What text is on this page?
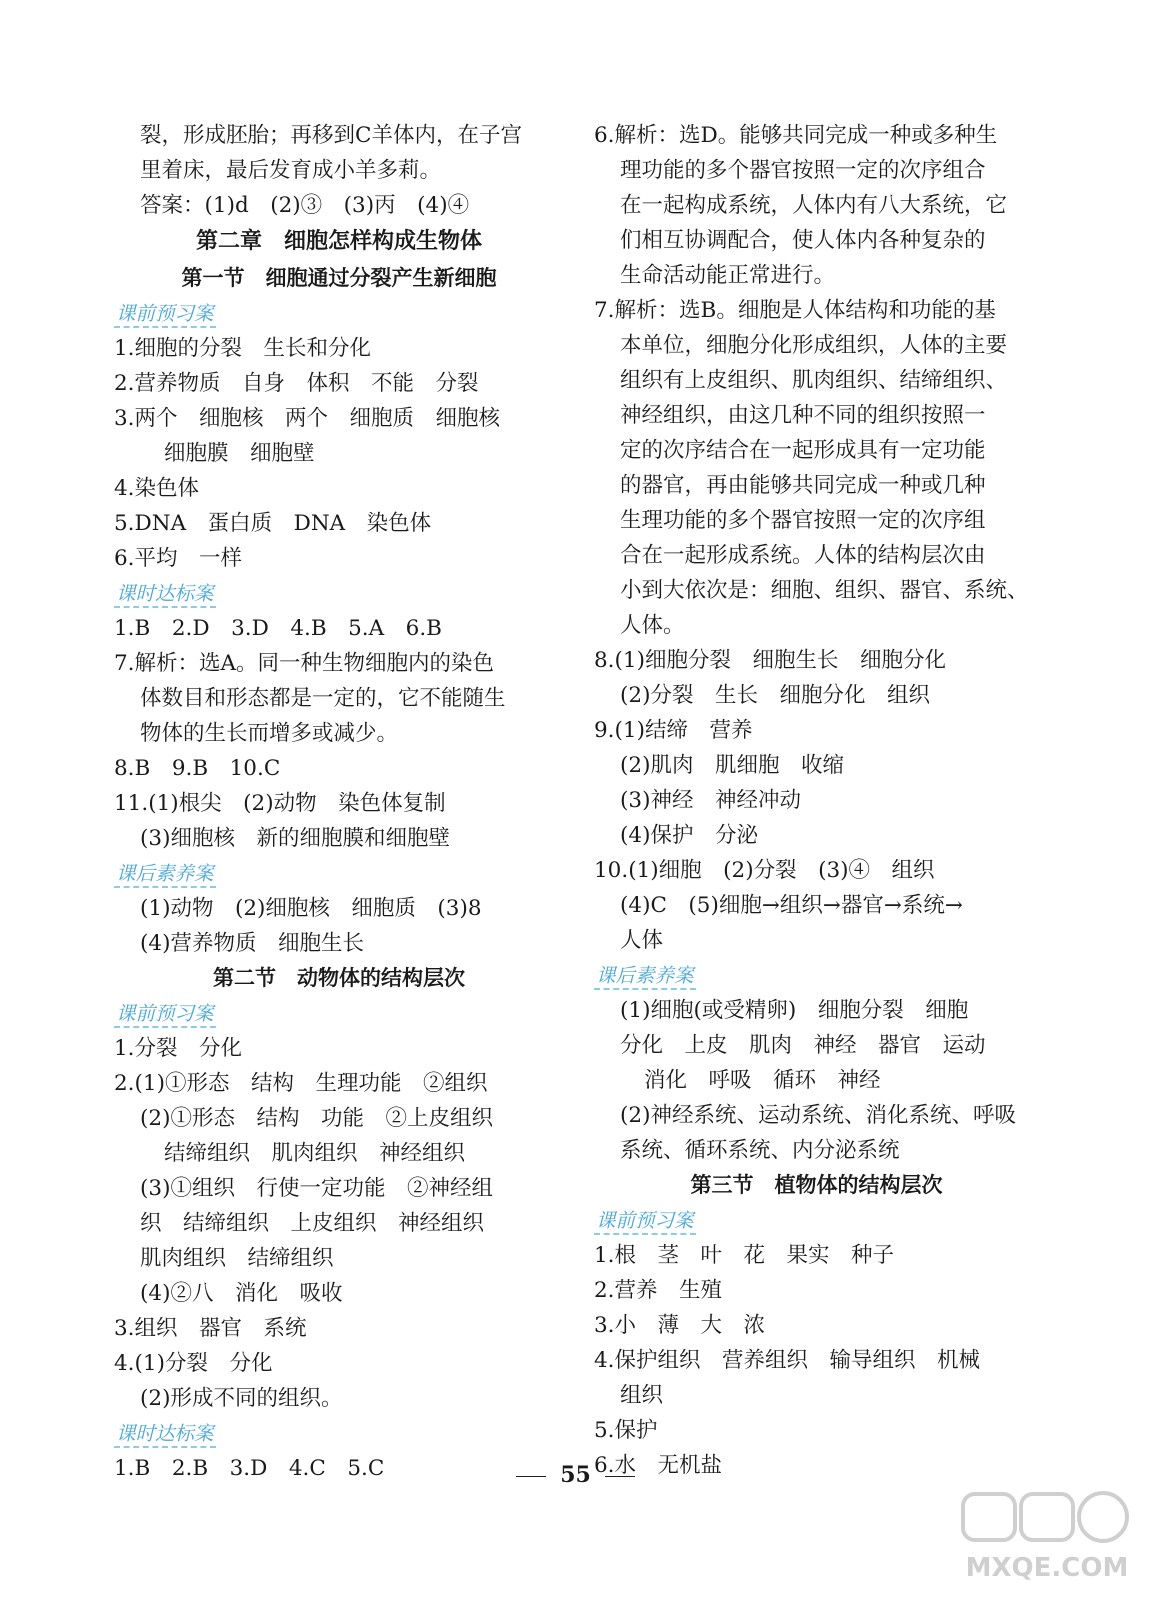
裂，形成胚胎；再移到C羊体内，在子宫
里着床，最后发育成小羊多莉。
答案：(1)d　(2)③　(3)丙　(4)④
第二章　细胞怎样构成生物体
第一节　细胞通过分裂产生新细胞
课前预习案
1.细胞的分裂　生长和分化
2.营养物质　自身　体积　不能　分裂
3.两个　细胞核　两个　细胞质　细胞核
细胞膜　细胞壁
4.染色体
5.DNA　蛋白质　DNA　染色体
6.平均　一样
课时达标案
1.B　2.D　3.D　4.B　5.A　6.B
7.解析：选A。同一种生物细胞内的染色
体数目和形态都是一定的，它不能随生
物体的生长而增多或减少。
8.B　9.B　10.C
11.(1)根尖　(2)动物　染色体复制
(3)细胞核　新的细胞膜和细胞壁
课后素养案
(1)动物　(2)细胞核　细胞质　(3)8
(4)营养物质　细胞生长
第二节　动物体的结构层次
课前预习案
1.分裂　分化
2.(1)①形态　结构　生理功能　②组织
(2)①形态　结构　功能　②上皮组织
结缔组织　肌肉组织　神经组织
(3)①组织　行使一定功能　②神经组
织　结缔组织　上皮组织　神经组织
肌肉组织　结缔组织
(4)②八　消化　吸收
3.组织　器官　系统
4.(1)分裂　分化
(2)形成不同的组织。
课时达标案
1.B　2.B　3.D　4.C　5.C
6.解析：选D。能够共同完成一种或多种生
理功能的多个器官按照一定的次序组合
在一起构成系统，人体内有八大系统，它
们相互协调配合，使人体内各种复杂的
生命活动能正常进行。
7.解析：选B。细胞是人体结构和功能的基
本单位，细胞分化形成组织，人体的主要
组织有上皮组织、肌肉组织、结缔组织、
神经组织，由这几种不同的组织按照一
定的次序结合在一起形成具有一定功能
的器官，再由能够共同完成一种或几种
生理功能的多个器官按照一定的次序组
合在一起形成系统。人体的结构层次由
小到大依次是：细胞、组织、器官、系统、
人体。
8.(1)细胞分裂　细胞生长　细胞分化
(2)分裂　生长　细胞分化　组织
9.(1)结缔　营养
(2)肌肉　肌细胞　收缩
(3)神经　神经冲动
(4)保护　分泌
10.(1)细胞　(2)分裂　(3)④　组织
(4)C　(5)细胞→组织→器官→系统→
人体
课后素养案
(1)细胞(或受精卵)　细胞分裂　细胞
分化　上皮　肌肉　神经　器官　运动
消化　呼吸　循环　神经
(2)神经系统、运动系统、消化系统、呼吸
系统、循环系统、内分泌系统
第三节　植物体的结构层次
课前预习案
1.根　茎　叶　花　果实　种子
2.营养　生殖
3.小　薄　大　浓
4.保护组织　营养组织　输导组织　机械
组织
5.保护
6.水　无机盐
55
MXQE.COM
